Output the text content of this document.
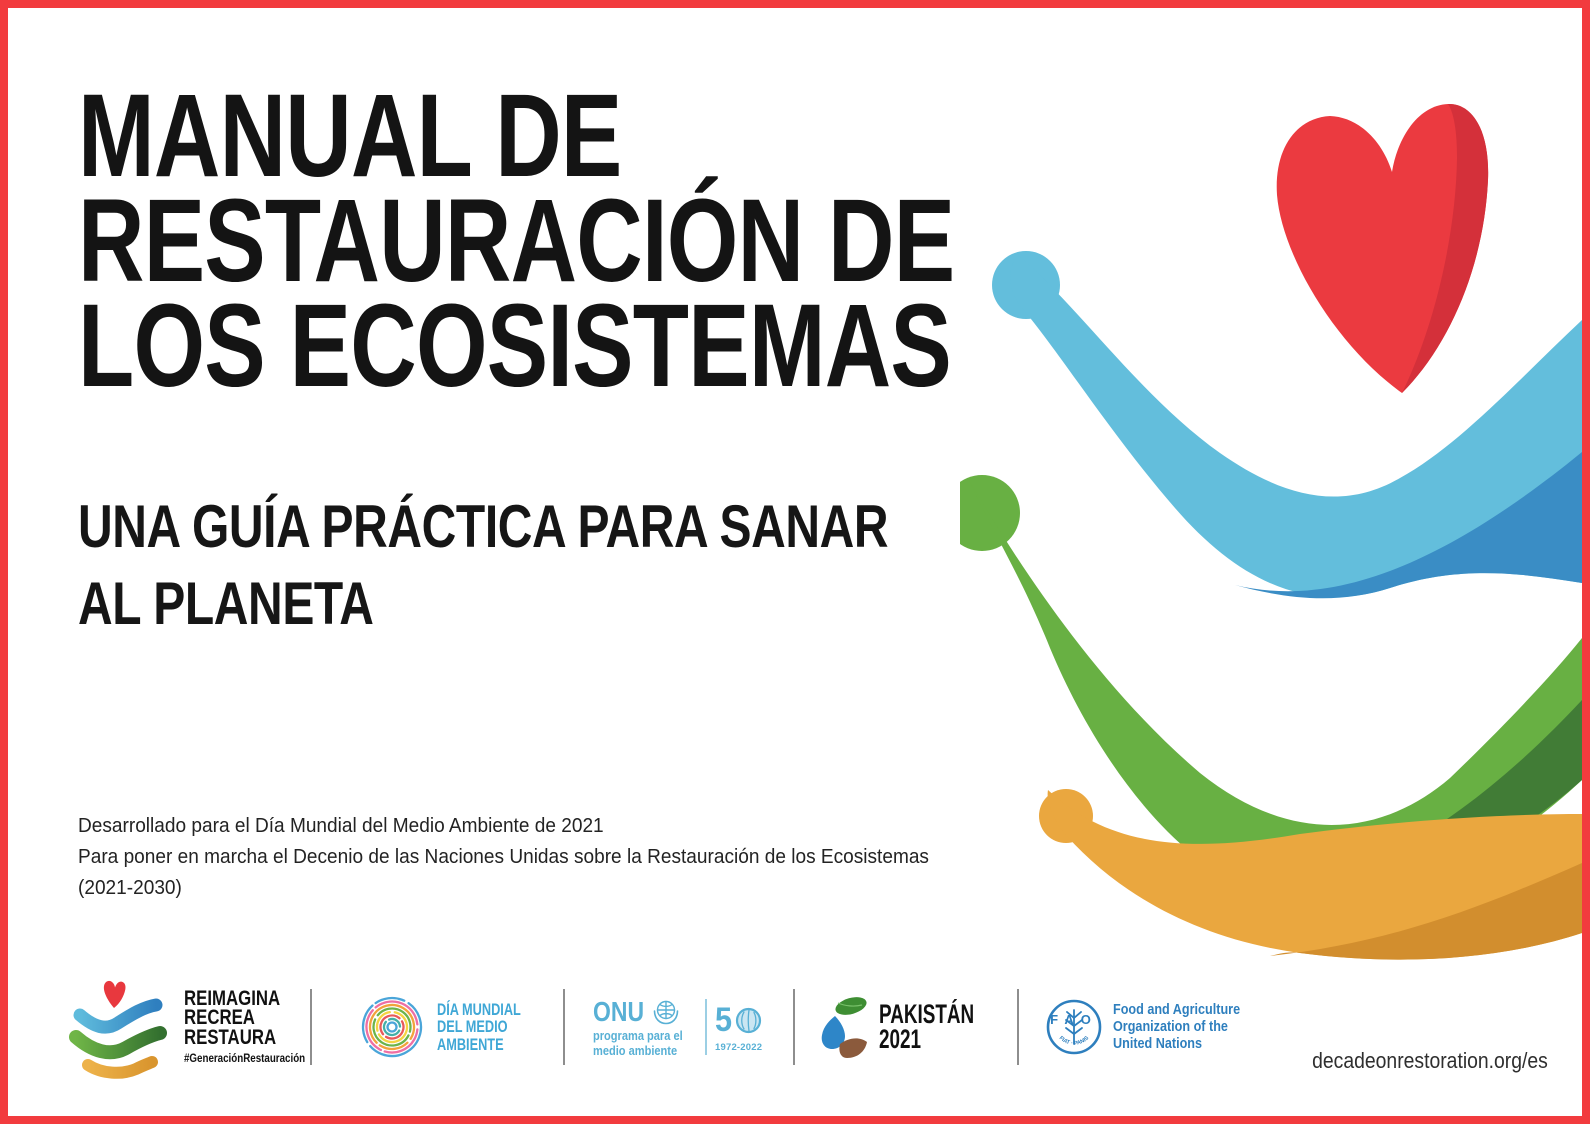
MANUAL DE
RESTAURACIÓN DE
LOS ECOSISTEMAS
UNA GUÍA PRÁCTICA PARA SANAR
AL PLANETA

Desarrollado para el Día Mundial del Medio Ambiente de 2021
Para poner en marcha el Decenio de las Naciones Unidas sobre la Restauración de los Ecosistemas
(2021-2030)

REIMAGINA
RECREA
RESTAURA
#GeneraciónRestauración
DÍA MUNDIAL
DEL MEDIO
AMBIENTE
ONU
programa para el
medio ambiente
5
1972-2022
PAKISTÁN
2021
FAO
FIAT · PANIS
Food and Agriculture
Organization of the
United Nations
decadeonrestoration.org/es
